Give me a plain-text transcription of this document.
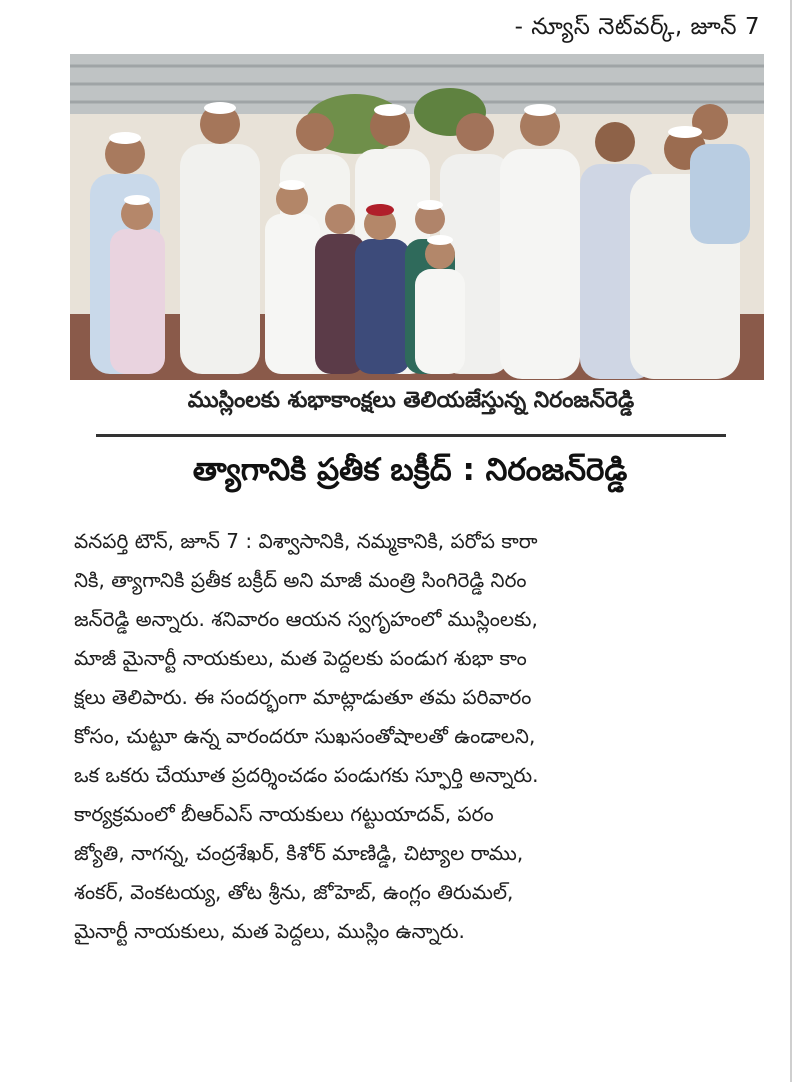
- న్యూస్ నెట్‌వర్క్, జూన్ 7
ముస్లింలకు శుభాకాంక్షలు తెలియజేస్తున్న నిరంజన్‌రెడ్డి
త్యాగానికి ప్రతీక బక్రీద్ : నిరంజన్‌రెడ్డి
వనపర్తి టౌన్, జూన్ 7 : విశ్వాసానికి, నమ్మకానికి, పరోప కారా
నికి, త్యాగానికి ప్రతీక బక్రీద్ అని మాజీ మంత్రి సింగిరెడ్డి నిరం
జన్‌రెడ్డి అన్నారు. శనివారం ఆయన స్వగృహంలో ముస్లింలకు,
మాజీ మైనార్టీ నాయకులు, మత పెద్దలకు పండుగ శుభా కాం
క్షలు తెలిపారు. ఈ సందర్భంగా మాట్లాడుతూ తమ పరివారం
కోసం, చుట్టూ ఉన్న వారందరూ సుఖసంతోషాలతో ఉండాలని,
ఒక ఒకరు చేయూత ప్రదర్శించడం పండుగకు స్ఫూర్తి అన్నారు.
కార్యక్రమంలో బీఆర్‌ఎస్ నాయకులు గట్టుయాదవ్, పరం
జ్యోతి, నాగన్న, చంద్రశేఖర్, కిశోర్ మాణిడ్డి, చిట్యాల రాము,
శంకర్, వెంకటయ్య, తోట శ్రీను, జోహెబ్, ఉంగ్లం తిరుమల్,
మైనార్టీ నాయకులు, మత పెద్దలు, ముస్లిం ఉన్నారు.
